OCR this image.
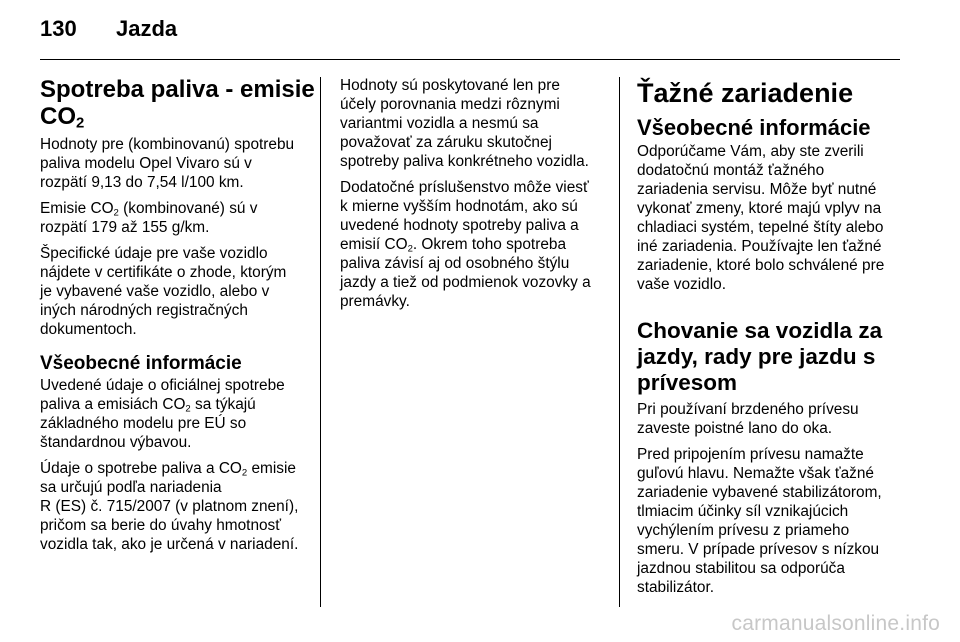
130 Jazda
Spotreba paliva - emisie
$CO_2$

Hodnoty pre (kombinovanú) spotrebu
paliva modelu Opel Vivaro sú v
rozpätí 9,13 do 7,54 l/100 km.

Emisie $CO_2$ (kombinované) sú v
rozpätí 179 až 155 g/km.

Špecifické údaje pre vaše vozidlo
nájdete v certifikáte o zhode, ktorým
je vybavené vaše vozidlo, alebo v
iných národných registračných
dokumentoch.

Všeobecné informácie

Uvedené údaje o oficiálnej spotrebe
paliva a emisiách $CO_2$ sa týkajú
základného modelu pre EÚ so
štandardnou výbavou.

Údaje o spotrebe paliva a $CO_2$ emisie
sa určujú podľa nariadenia
R (ES) č. 715/2007 (v platnom znení),
pričom sa berie do úvahy hmotnosť
vozidla tak, ako je určená v nariadení.

Hodnoty sú poskytované len pre
účely porovnania medzi rôznymi
variantmi vozidla a nesmú sa
považovať za záruku skutočnej
spotreby paliva konkrétneho vozidla.

Dodatočné príslušenstvo môže viesť
k mierne vyšším hodnotám, ako sú
uvedené hodnoty spotreby paliva a
emisií $CO_2$. Okrem toho spotreba
paliva závisí aj od osobného štýlu
jazdy a tiež od podmienok vozovky a
premávky.

Ťažné zariadenie
Všeobecné informácie

Odporúčame Vám, aby ste zverili
dodatočnú montáž ťažného
zariadenia servisu. Môže byť nutné
vykonať zmeny, ktoré majú vplyv na
chladiaci systém, tepelné štíty alebo
iné zariadenia. Používajte len ťažné
zariadenie, ktoré bolo schválené pre
vaše vozidlo.

Chovanie sa vozidla za
jazdy, rady pre jazdu s
prívesom

Pri používaní brzdeného prívesu
zaveste poistné lano do oka.

Pred pripojením prívesu namažte
guľovú hlavu. Nemažte však ťažné
zariadenie vybavené stabilizátorom,
tlmiacim účinky síl vznikajúcich
vychýlením prívesu z priameho
smeru. V prípade prívesov s nízkou
jazdnou stabilitou sa odporúča
stabilizátor.

carmanualsonline.info
